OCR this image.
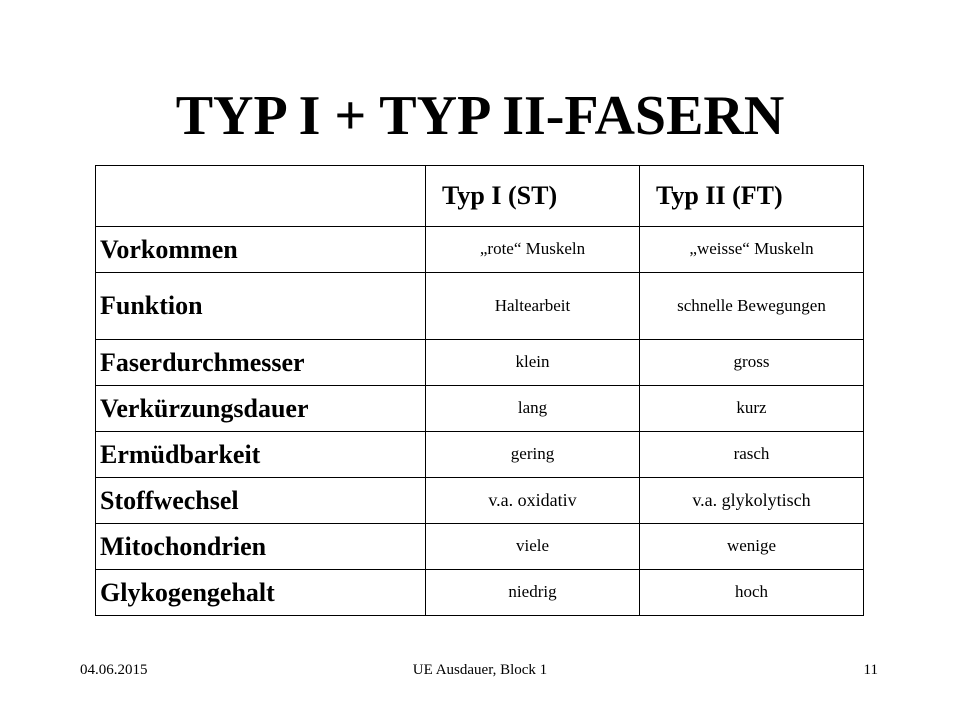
TYP I + TYP II-FASERN
	Typ I (ST)	Typ II (FT)
Vorkommen	„rote“ Muskeln	„weisse“ Muskeln
Funktion	Haltearbeit	schnelle Bewegungen
Faserdurchmesser	klein	gross
Verkürzungsdauer	lang	kurz
Ermüdbarkeit	gering	rasch
Stoffwechsel	v.a. oxidativ	v.a. glykolytisch
Mitochondrien	viele	wenige
Glykogengehalt	niedrig	hoch
04.06.2015	UE Ausdauer, Block 1	11
